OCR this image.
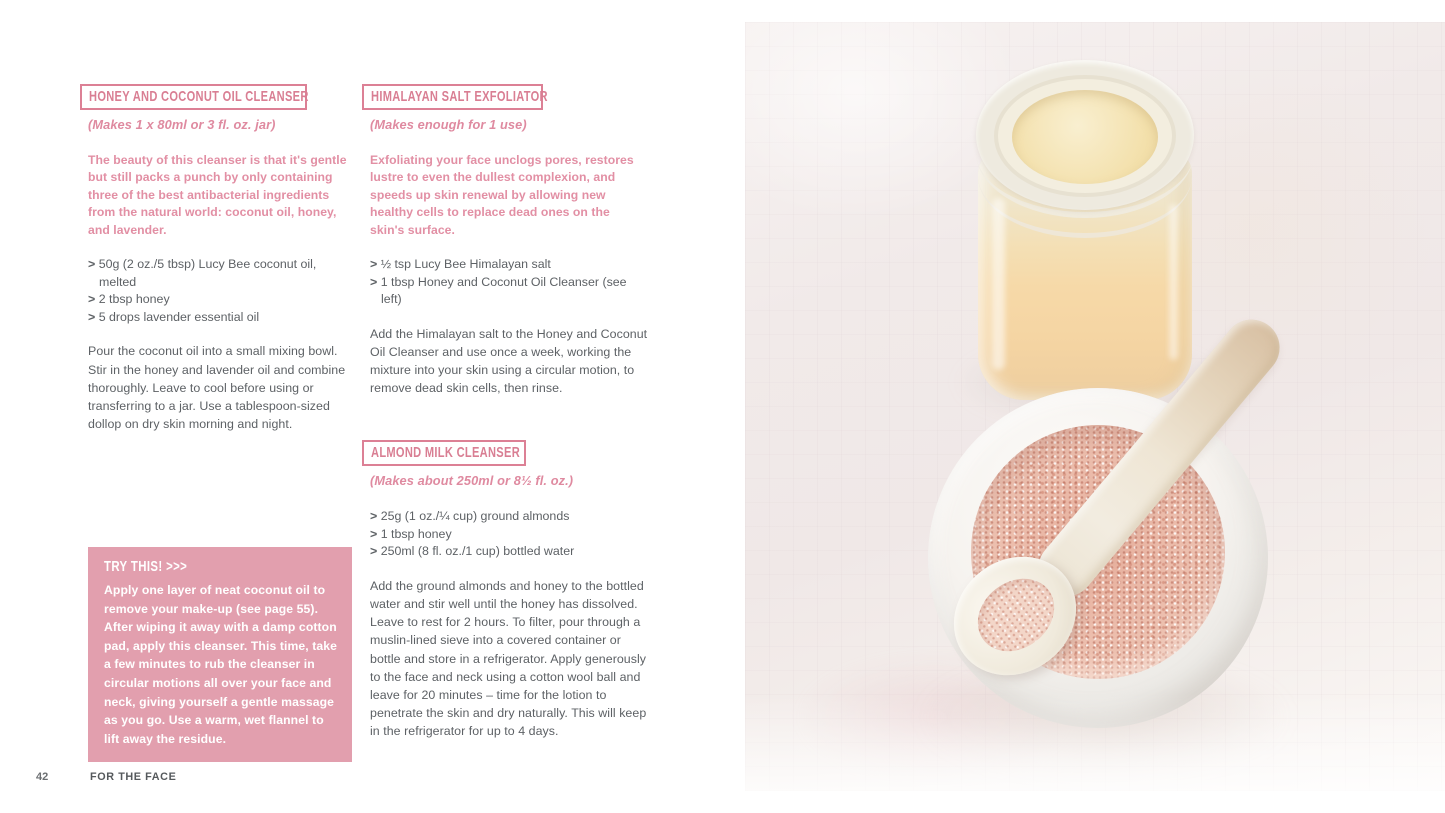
HONEY AND COCONUT OIL CLEANSER
(Makes 1 x 80ml or 3 fl. oz. jar)

The beauty of this cleanser is that it's gentle but still packs a punch by only containing three of the best antibacterial ingredients from the natural world: coconut oil, honey, and lavender.

> 50g (2 oz./5 tbsp) Lucy Bee coconut oil, melted
> 2 tbsp honey
> 5 drops lavender essential oil

Pour the coconut oil into a small mixing bowl. Stir in the honey and lavender oil and combine thoroughly. Leave to cool before using or transferring to a jar. Use a tablespoon-sized dollop on dry skin morning and night.

TRY THIS! >>>
Apply one layer of neat coconut oil to remove your make-up (see page 55). After wiping it away with a damp cotton pad, apply this cleanser. This time, take a few minutes to rub the cleanser in circular motions all over your face and neck, giving yourself a gentle massage as you go. Use a warm, wet flannel to lift away the residue.
HIMALAYAN SALT EXFOLIATOR
(Makes enough for 1 use)

Exfoliating your face unclogs pores, restores lustre to even the dullest complexion, and speeds up skin renewal by allowing new healthy cells to replace dead ones on the skin's surface.

> ½ tsp Lucy Bee Himalayan salt
> 1 tbsp Honey and Coconut Oil Cleanser (see left)

Add the Himalayan salt to the Honey and Coconut Oil Cleanser and use once a week, working the mixture into your skin using a circular motion, to remove dead skin cells, then rinse.

ALMOND MILK CLEANSER
(Makes about 250ml or 8½ fl. oz.)
> 25g (1 oz./¼ cup) ground almonds
> 1 tbsp honey
> 250ml (8 fl. oz./1 cup) bottled water

Add the ground almonds and honey to the bottled water and stir well until the honey has dissolved. Leave to rest for 2 hours. To filter, pour through a muslin-lined sieve into a covered container or bottle and store in a refrigerator. Apply generously to the face and neck using a cotton wool ball and leave for 20 minutes – time for the lotion to penetrate the skin and dry naturally. This will keep in the refrigerator for up to 4 days.

42	FOR THE FACE
